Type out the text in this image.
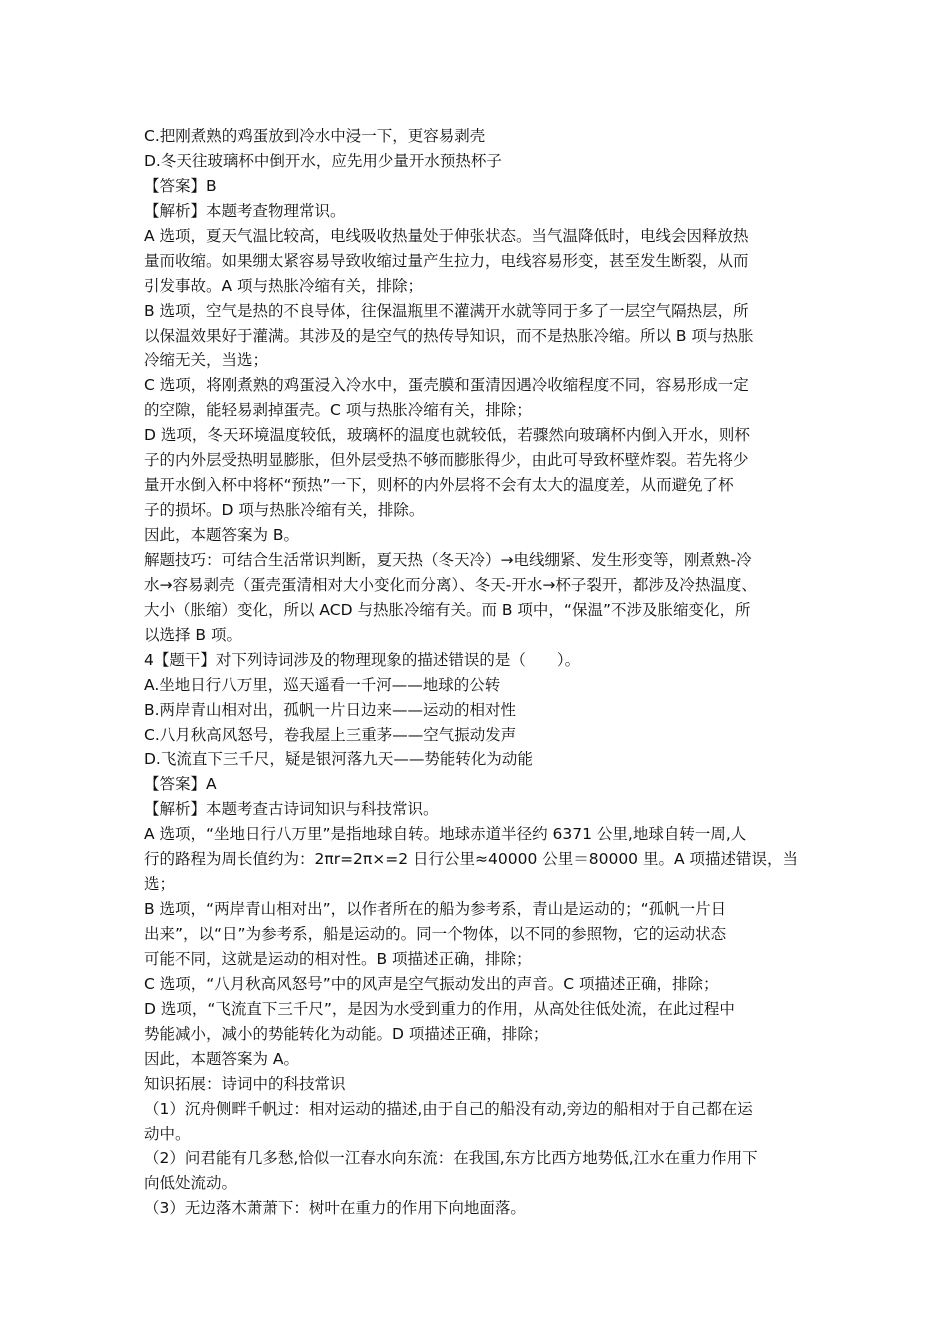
C.把刚煮熟的鸡蛋放到冷水中浸一下，更容易剥壳
D.冬天往玻璃杯中倒开水，应先用少量开水预热杯子
【答案】B
【解析】本题考查物理常识。
A 选项，夏天气温比较高，电线吸收热量处于伸张状态。当气温降低时，电线会因释放热
量而收缩。如果绷太紧容易导致收缩过量产生拉力，电线容易形变，甚至发生断裂，从而
引发事故。A 项与热胀冷缩有关，排除；
B 选项，空气是热的不良导体，往保温瓶里不灌满开水就等同于多了一层空气隔热层，所
以保温效果好于灌满。其涉及的是空气的热传导知识，而不是热胀冷缩。所以 B 项与热胀
冷缩无关，当选；
C 选项，将刚煮熟的鸡蛋浸入冷水中，蛋壳膜和蛋清因遇冷收缩程度不同，容易形成一定
的空隙，能轻易剥掉蛋壳。C 项与热胀冷缩有关，排除；
D 选项，冬天环境温度较低，玻璃杯的温度也就较低，若骤然向玻璃杯内倒入开水，则杯
子的内外层受热明显膨胀，但外层受热不够而膨胀得少，由此可导致杯壁炸裂。若先将少
量开水倒入杯中将杯“预热”一下，则杯的内外层将不会有太大的温度差，从而避免了杯
子的损坏。D 项与热胀冷缩有关，排除。
因此，本题答案为 B。
解题技巧：可结合生活常识判断，夏天热（冬天冷）→电线绷紧、发生形变等，刚煮熟-冷
水→容易剥壳（蛋壳蛋清相对大小变化而分离）、冬天-开水→杯子裂开，都涉及冷热温度、
大小（胀缩）变化，所以 ACD 与热胀冷缩有关。而 B 项中，“保温”不涉及胀缩变化，所
以选择 B 项。
4【题干】对下列诗词涉及的物理现象的描述错误的是（　　）。
A.坐地日行八万里，巡天遥看一千河——地球的公转
B.两岸青山相对出，孤帆一片日边来——运动的相对性
C.八月秋高风怒号，卷我屋上三重茅——空气振动发声
D.飞流直下三千尺，疑是银河落九天——势能转化为动能
【答案】A
【解析】本题考查古诗词知识与科技常识。
A 选项，“坐地日行八万里”是指地球自转。地球赤道半径约 6371 公里,地球自转一周,人
行的路程为周长值约为：2πr=2π×=2 日行公里≈40000 公里＝80000 里。A 项描述错误，当
选；
B 选项，“两岸青山相对出”，以作者所在的船为参考系，青山是运动的；“孤帆一片日
出来”，以“日”为参考系，船是运动的。同一个物体，以不同的参照物，它的运动状态
可能不同，这就是运动的相对性。B 项描述正确，排除；
C 选项，“八月秋高风怒号”中的风声是空气振动发出的声音。C 项描述正确，排除；
D 选项，“飞流直下三千尺”，是因为水受到重力的作用，从高处往低处流，在此过程中
势能减小，减小的势能转化为动能。D 项描述正确，排除；
因此，本题答案为 A。
知识拓展：诗词中的科技常识
（1）沉舟侧畔千帆过：相对运动的描述,由于自己的船没有动,旁边的船相对于自己都在运
动中。
（2）问君能有几多愁,恰似一江春水向东流：在我国,东方比西方地势低,江水在重力作用下
向低处流动。
（3）无边落木萧萧下：树叶在重力的作用下向地面落。
